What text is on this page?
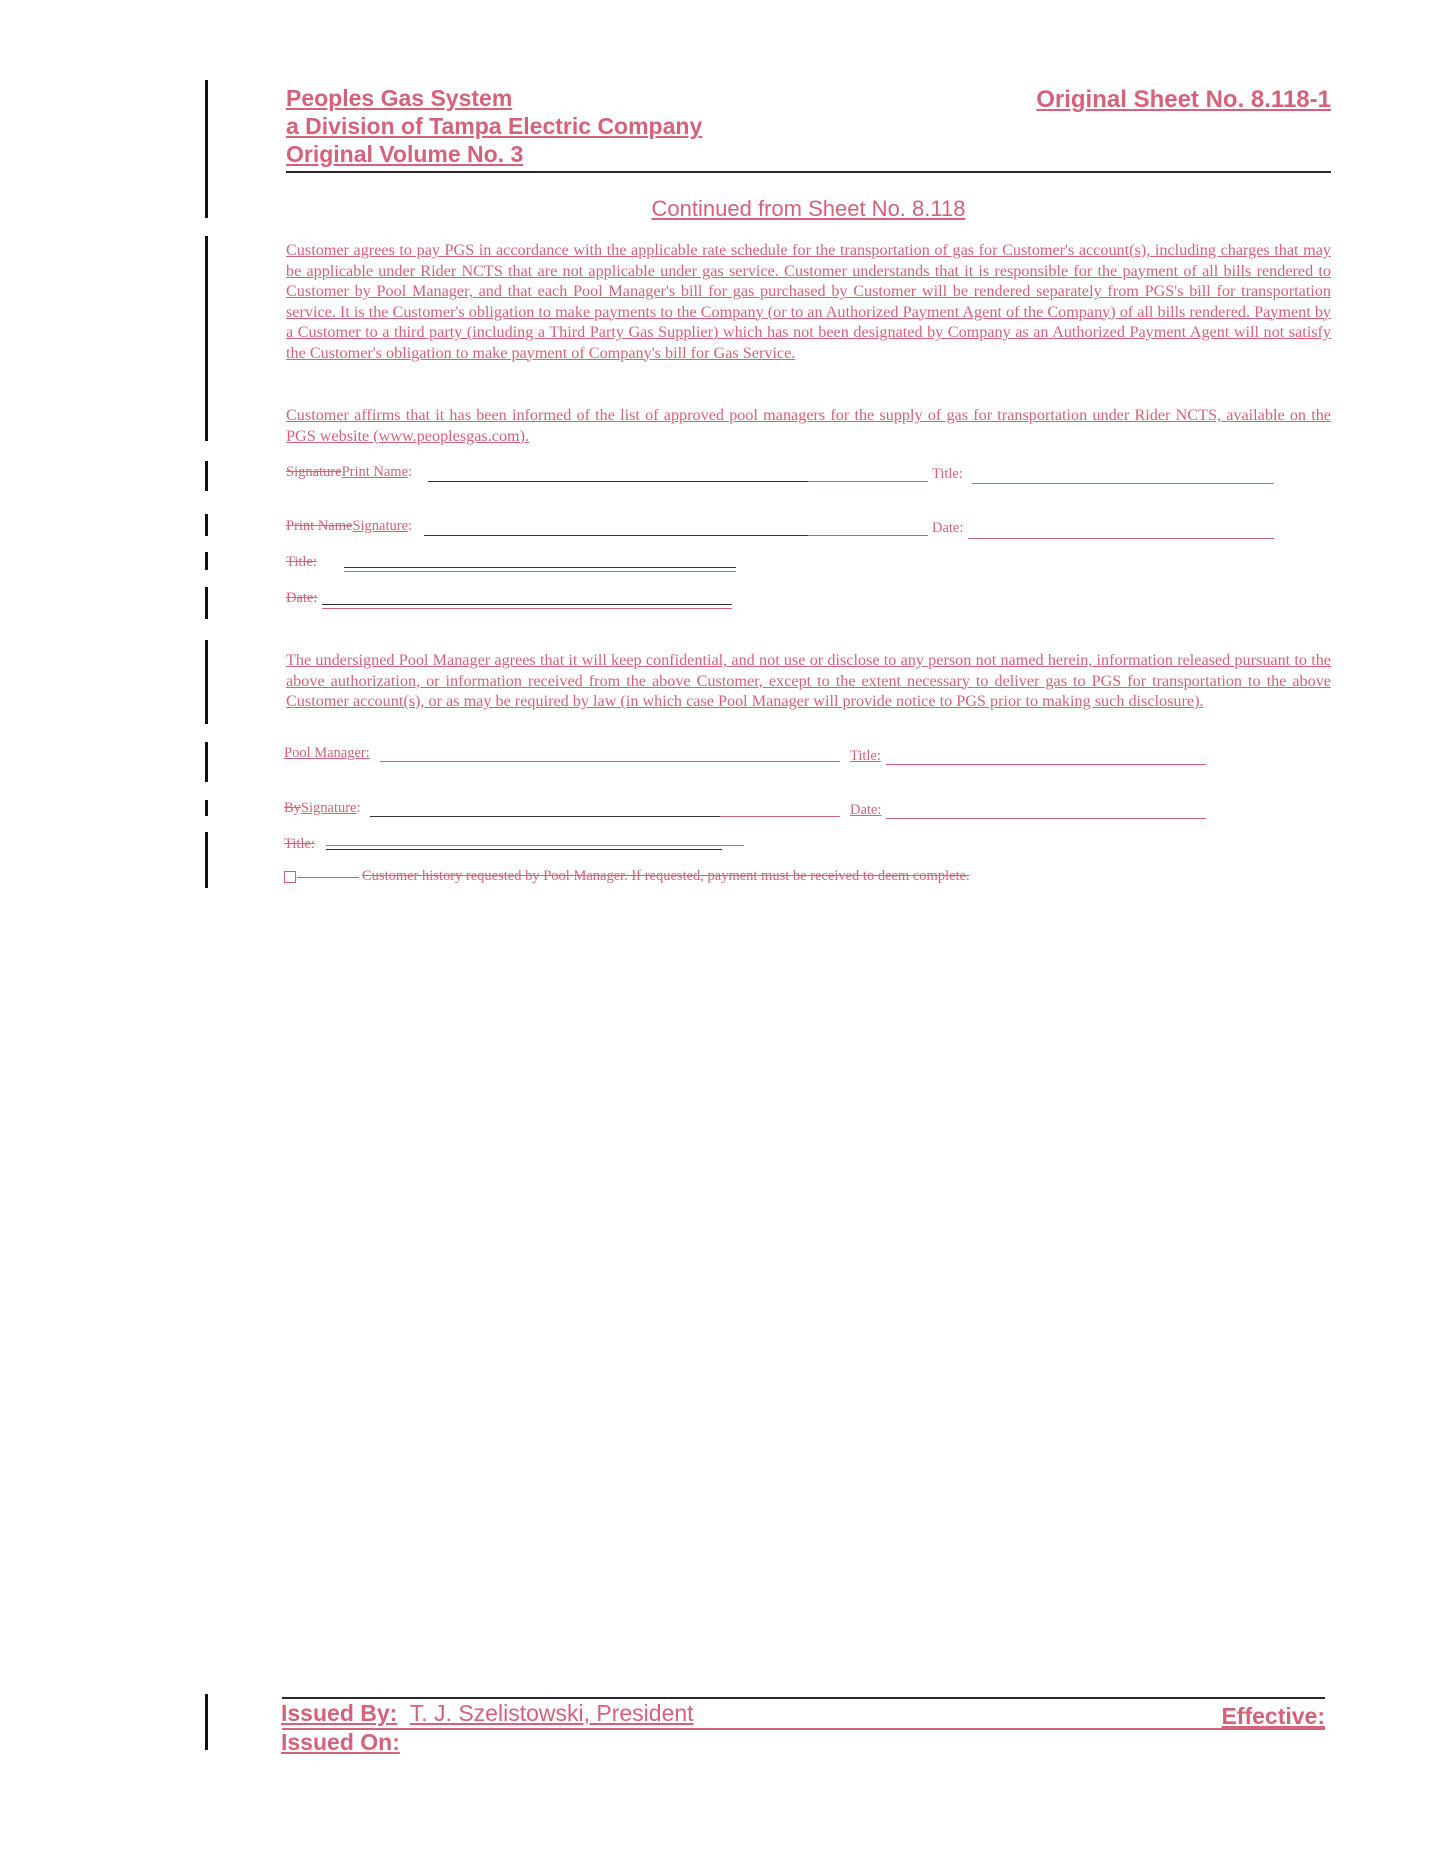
Peoples Gas System
a Division of Tampa Electric Company
Original Volume No. 3
Original Sheet No. 8.118-1
Continued from Sheet No. 8.118

Customer agrees to pay PGS in accordance with the applicable rate schedule for the transportation of gas for Customer's account(s), including charges that may be applicable under Rider NCTS that are not applicable under gas service. Customer understands that it is responsible for the payment of all bills rendered to Customer by Pool Manager, and that each Pool Manager's bill for gas purchased by Customer will be rendered separately from PGS's bill for transportation service. It is the Customer's obligation to make payments to the Company (or to an Authorized Payment Agent of the Company) of all bills rendered. Payment by a Customer to a third party (including a Third Party Gas Supplier) which has not been designated by Company as an Authorized Payment Agent will not satisfy the Customer's obligation to make payment of Company's bill for Gas Service.

Customer affirms that it has been informed of the list of approved pool managers for the supply of gas for transportation under Rider NCTS, available on the PGS website (www.peoplesgas.com).

SignaturePrint Name:	Title:
Print NameSignature:	Date:
Title:
Date:

The undersigned Pool Manager agrees that it will keep confidential, and not use or disclose to any person not named herein, information released pursuant to the above authorization, or information received from the above Customer, except to the extent necessary to deliver gas to PGS for transportation to the above Customer account(s), or as may be required by law (in which case Pool Manager will provide notice to PGS prior to making such disclosure).

Pool Manager:	Title:
BySignature:	Date:
Title:
Customer history requested by Pool Manager. If requested, payment must be received to deem complete.
Issued By: T. J. Szelistowski, President	Effective:
Issued On:
